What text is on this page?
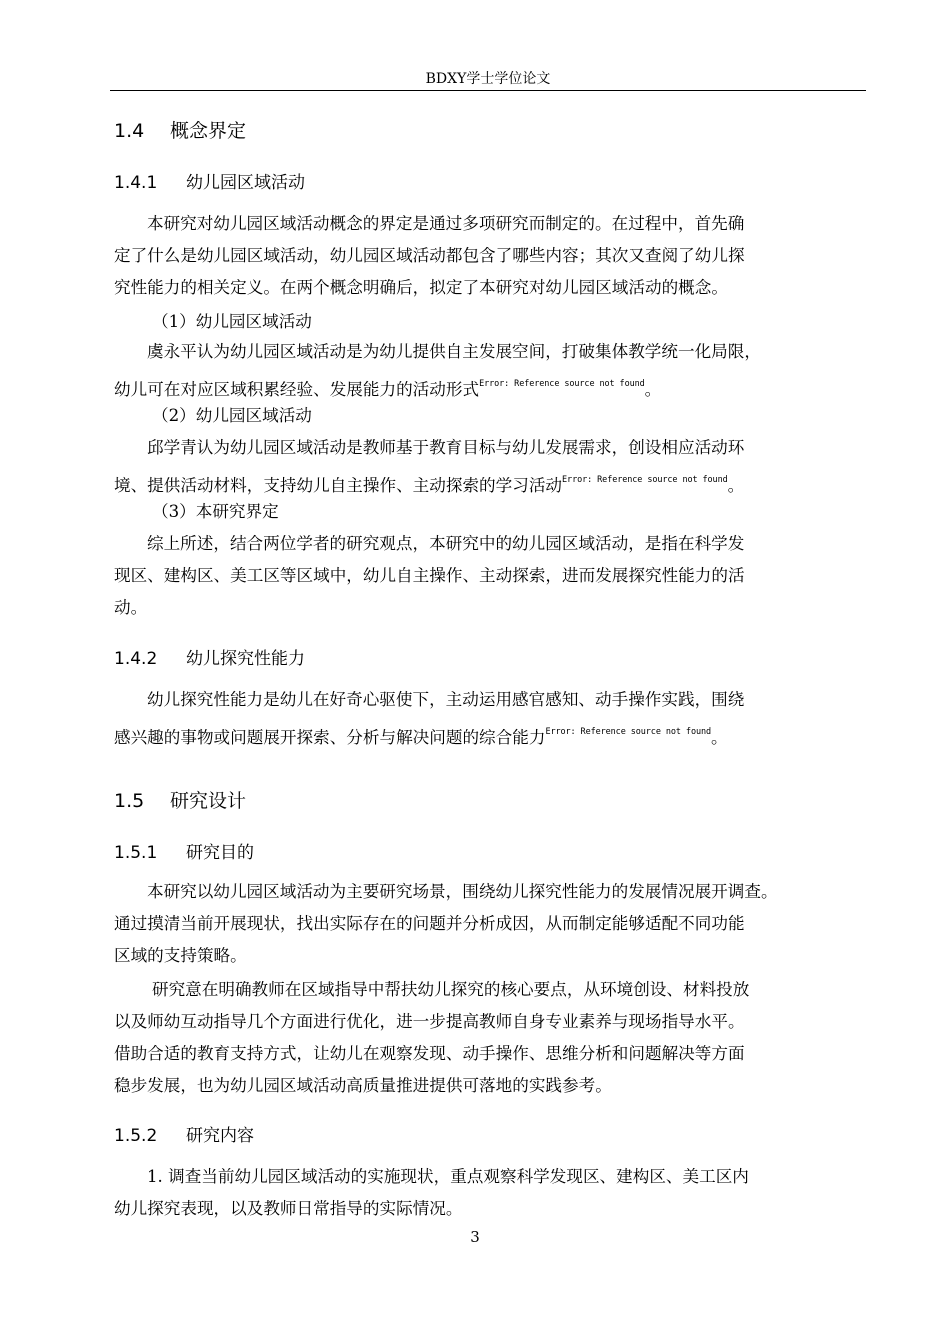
BDXY学士学位论文
1.4 概念界定
1.4.1 幼儿园区域活动
本研究对幼儿园区域活动概念的界定是通过多项研究而制定的。在过程中，首先确
定了什么是幼儿园区域活动，幼儿园区域活动都包含了哪些内容；其次又查阅了幼儿探
究性能力的相关定义。在两个概念明确后，拟定了本研究对幼儿园区域活动的概念。
（1）幼儿园区域活动
虞永平认为幼儿园区域活动是为幼儿提供自主发展空间，打破集体教学统一化局限，
幼儿可在对应区域积累经验、发展能力的活动形式$^{Error: Reference source not found}$。
（2）幼儿园区域活动
邱学青认为幼儿园区域活动是教师基于教育目标与幼儿发展需求，创设相应活动环
境、提供活动材料，支持幼儿自主操作、主动探索的学习活动$^{Error: Reference source not found}$。
（3）本研究界定
综上所述，结合两位学者的研究观点，本研究中的幼儿园区域活动，是指在科学发
现区、建构区、美工区等区域中，幼儿自主操作、主动探索，进而发展探究性能力的活
动。
1.4.2 幼儿探究性能力
幼儿探究性能力是幼儿在好奇心驱使下，主动运用感官感知、动手操作实践，围绕
感兴趣的事物或问题展开探索、分析与解决问题的综合能力$^{Error: Reference source not found}$。
1.5 研究设计
1.5.1 研究目的
本研究以幼儿园区域活动为主要研究场景，围绕幼儿探究性能力的发展情况展开调查。
通过摸清当前开展现状，找出实际存在的问题并分析成因，从而制定能够适配不同功能
区域的支持策略。
研究意在明确教师在区域指导中帮扶幼儿探究的核心要点，从环境创设、材料投放
以及师幼互动指导几个方面进行优化，进一步提高教师自身专业素养与现场指导水平。
借助合适的教育支持方式，让幼儿在观察发现、动手操作、思维分析和问题解决等方面
稳步发展，也为幼儿园区域活动高质量推进提供可落地的实践参考。
1.5.2 研究内容
1. 调查当前幼儿园区域活动的实施现状，重点观察科学发现区、建构区、美工区内
幼儿探究表现，以及教师日常指导的实际情况。
3
